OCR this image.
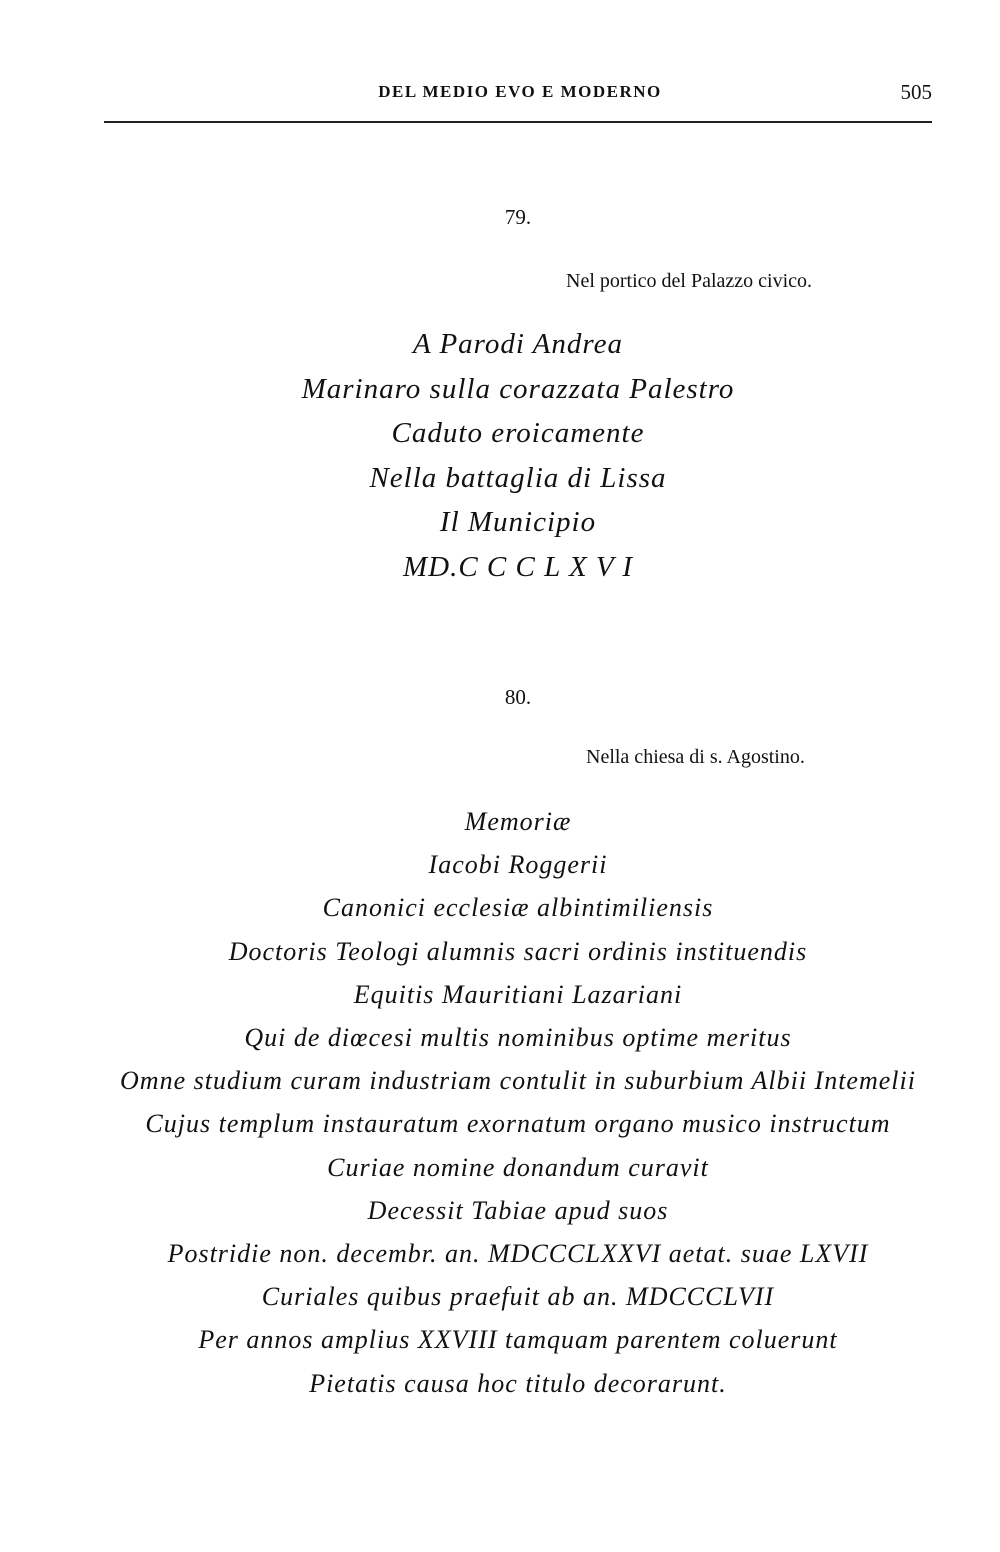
DEL MEDIO EVO E MODERNO	505
79.
Nel portico del Palazzo civico.
A Parodi Andrea
Marinaro sulla corazzata Palestro
Caduto eroicamente
Nella battaglia di Lissa
Il Municipio
MD.C C C L X V I
80.
Nella chiesa di s. Agostino.
Memoriæ
Iacobi Roggerii
Canonici ecclesiæ albintimiliensis
Doctoris Teologi alumnis sacri ordinis instituendis
Equitis Mauritiani Lazariani
Qui de diœcesi multis nominibus optime meritus
Omne studium curam industriam contulit in suburbium Albii Intemelii
Cujus templum instauratum exornatum organo musico instructum
Curiae nomine donandum curavit
Decessit Tabiae apud suos
Postridie non. decembr. an. MDCCCLXXVI aetat. suae LXVII
Curiales quibus praefuit ab an. MDCCCLVII
Per annos amplius XXVIII tamquam parentem coluerunt
Pietatis causa hoc titulo decorarunt.
